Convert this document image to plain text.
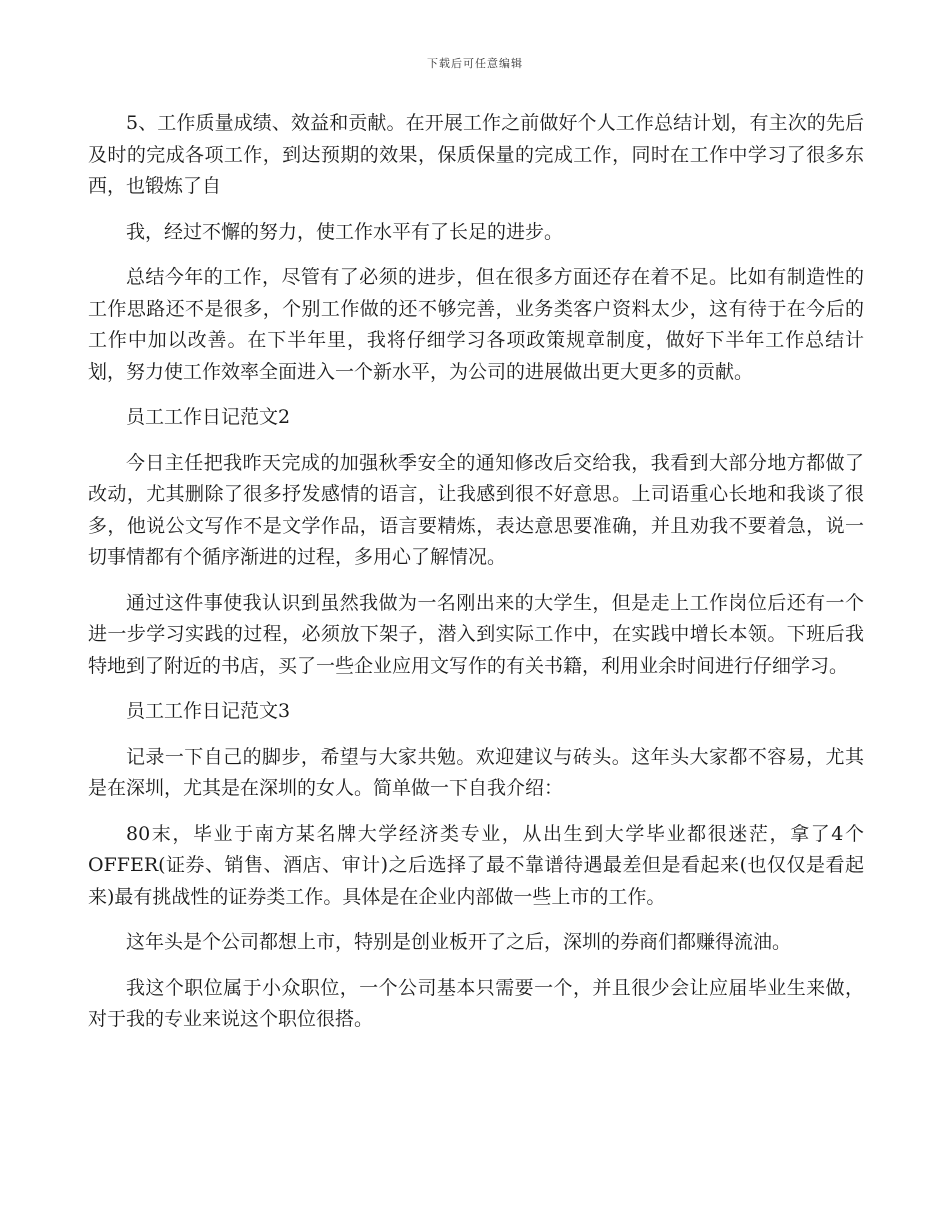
下载后可任意编辑

5、工作质量成绩、效益和贡献。在开展工作之前做好个人工作总结计划，有主次的先后及时的完成各项工作，到达预期的效果，保质保量的完成工作，同时在工作中学习了很多东西，也锻炼了自

我，经过不懈的努力，使工作水平有了长足的进步。

总结今年的工作，尽管有了必须的进步，但在很多方面还存在着不足。比如有制造性的工作思路还不是很多，个别工作做的还不够完善，业务类客户资料太少，这有待于在今后的工作中加以改善。在下半年里，我将仔细学习各项政策规章制度，做好下半年工作总结计划，努力使工作效率全面进入一个新水平，为公司的进展做出更大更多的贡献。

员工工作日记范文2

今日主任把我昨天完成的加强秋季安全的通知修改后交给我，我看到大部分地方都做了改动，尤其删除了很多抒发感情的语言，让我感到很不好意思。上司语重心长地和我谈了很多，他说公文写作不是文学作品，语言要精炼，表达意思要准确，并且劝我不要着急，说一切事情都有个循序渐进的过程，多用心了解情况。

通过这件事使我认识到虽然我做为一名刚出来的大学生，但是走上工作岗位后还有一个进一步学习实践的过程，必须放下架子，潜入到实际工作中，在实践中增长本领。下班后我特地到了附近的书店，买了一些企业应用文写作的有关书籍，利用业余时间进行仔细学习。

员工工作日记范文3

记录一下自己的脚步，希望与大家共勉。欢迎建议与砖头。这年头大家都不容易，尤其是在深圳，尤其是在深圳的女人。简单做一下自我介绍：

80末，毕业于南方某名牌大学经济类专业，从出生到大学毕业都很迷茫，拿了4个OFFER(证券、销售、酒店、审计)之后选择了最不靠谱待遇最差但是看起来(也仅仅是看起来)最有挑战性的证券类工作。具体是在企业内部做一些上市的工作。

这年头是个公司都想上市，特别是创业板开了之后，深圳的券商们都赚得流油。

我这个职位属于小众职位，一个公司基本只需要一个，并且很少会让应届毕业生来做，对于我的专业来说这个职位很搭。
